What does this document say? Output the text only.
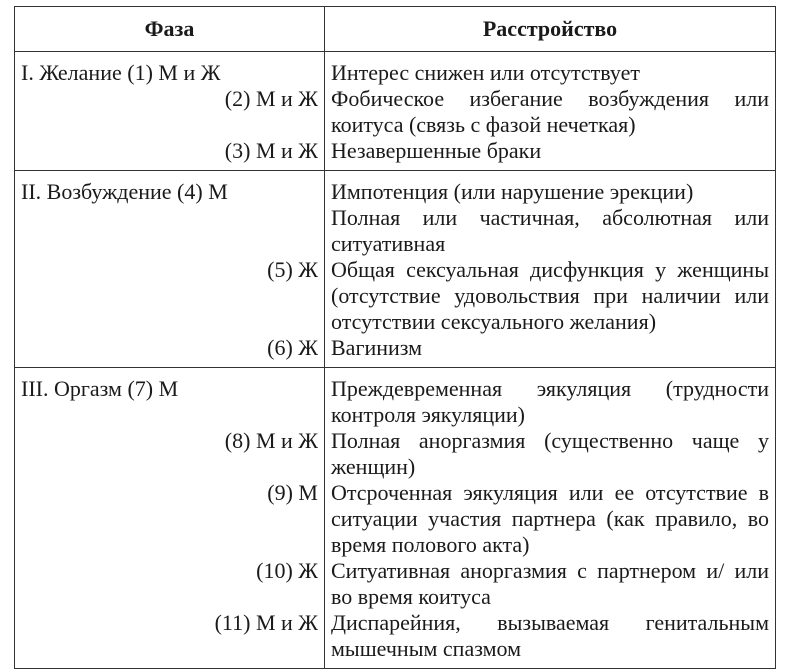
Фаза	Расстройство
I. Желание (1) М и Ж	Интерес снижен или отсутствует

(2) М и Ж	Фобическое избегание возбуждения или коитуса (связь с фазой нечеткая)

(3) М и Ж	Незавершенные браки

II. Возбуждение (4) М	Импотенция (или нарушение эрекции)

Полная или частичная, абсолютная или ситуативная

(5) Ж	Общая сексуальная дисфункция у женщины (отсутствие удовольствия при наличии или отсутствии сексуального желания)

(6) Ж	Вагинизм

III. Оргазм (7) М	Преждевременная эякуляция (трудности контроля эякуляции)

(8) М и Ж	Полная аноргазмия (существенно чаще у женщин)

(9) М	Отсроченная эякуляция или ее отсутствие в ситуации участия партнера (как правило, во время полового акта)

(10) Ж	Ситуативная аноргазмия с партнером и/ или во время коитуса

(11) М и Ж	Диспарейния, вызываемая генитальным мышечным спазмом
